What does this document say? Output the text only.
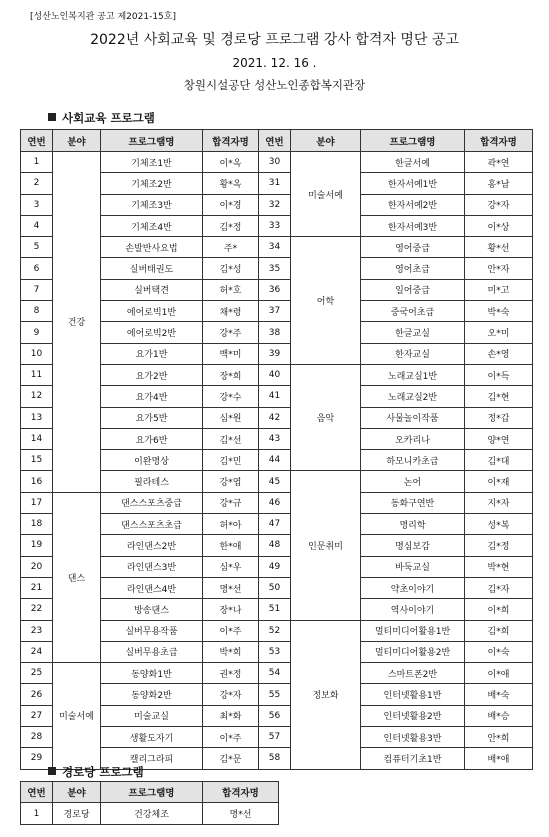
[성산노인복지관 공고 제2021-15호]
2022년 사회교육 및 경로당 프로그램 강사 합격자 명단 공고
2021. 12. 16 .
창원시설공단 성산노인종합복지관장
사회교육 프로그램
연번	분야	프로그램명	합격자명	연번	분야	프로그램명	합격자명
1	건강	기체조1반	이*옥	30	미술서예	한글서예	곽*연
2		기체조2반	황*옥	31		한자서예1반	홍*남
3		기체조3반	이*경	32		한자서예2반	강*자
4		기체조4반	김*정	33		한자서예3반	이*상
5		손발반사요법	주*	34	어학	영어중급	황*선
6		실버태권도	김*성	35		영어초급	안*자
7		실버택견	허*호	36		일어중급	미*고
8		에어로빅1반	채*령	37		중국어초급	박*숙
9		에어로빅2반	강*주	38		한글교실	오*미
10		요가1반	백*미	39		한자교실	손*영
11		요가2반	장*희	40	음악	노래교실1반	이*득
12		요가4반	강*수	41		노래교실2반	김*현
13		요가5반	심*원	42		사물놀이작품	정*갑
14		요가6반	김*선	43		오카리나	양*연
15		이완명상	김*민	44		하모니카초급	김*대
16		필라테스	강*엽	45	인문취미	논어	이*재
17	댄스	댄스스포츠중급	강*규	46		동화구연반	지*자
18		댄스스포츠초급	허*아	47		명리학	성*복
19		라인댄스2반	한*애	48		명심보감	김*정
20		라인댄스3반	심*우	49		바둑교실	박*현
21		라인댄스4반	명*선	50		약초이야기	김*자
22		방송댄스	장*나	51		역사이야기	이*희
23		실버무용작품	이*주	52	정보화	멀티미디어활용1반	김*희
24		실버무용초급	박*희	53		멀티미디어활용2반	이*숙
25	미술서예	동양화1반	권*정	54		스마트폰2반	이*애
26		동양화2반	강*자	55		인터넷활용1반	배*숙
27		미술교실	최*화	56		인터넷활용2반	배*승
28		생활도자기	이*주	57		인터넷활용3반	안*희
29		캘리그라피	김*문	58		컴퓨터기초1반	배*애
경로당 프로그램
연번	분야	프로그램명	합격자명
1	경로당	건강체조	명*선
